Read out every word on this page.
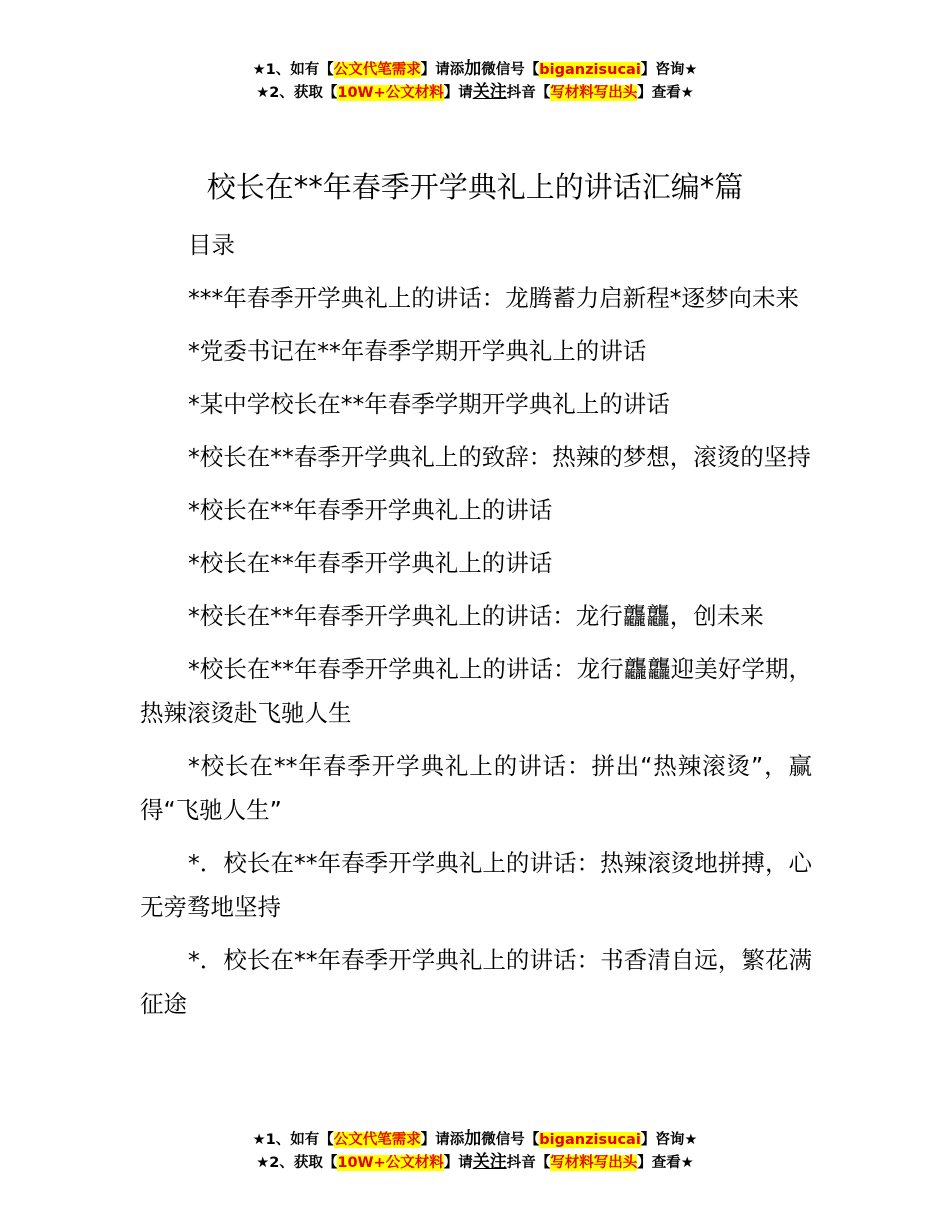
★1、如有【公文代笔需求】请添加微信号【biganzisucai】咨询★
★2、获取【10W+公文材料】请关注抖音【写材料写出头】查看★
校长在**年春季开学典礼上的讲话汇编*篇

目录

***年春季开学典礼上的讲话：龙腾蓄力启新程*逐梦向未来

*党委书记在**年春季学期开学典礼上的讲话

*某中学校长在**年春季学期开学典礼上的讲话

*校长在**春季开学典礼上的致辞：热辣的梦想，滚烫的坚持

*校长在**年春季开学典礼上的讲话

*校长在**年春季开学典礼上的讲话

*校长在**年春季开学典礼上的讲话：龙行龘龘，创未来

*校长在**年春季开学典礼上的讲话：龙行龘龘迎美好学期，热辣滚烫赴飞驰人生

*校长在**年春季开学典礼上的讲话：拼出“热辣滚烫”，赢得“飞驰人生”

*．校长在**年春季开学典礼上的讲话：热辣滚烫地拼搏，心无旁骛地坚持

*．校长在**年春季开学典礼上的讲话：书香清自远，繁花满征途

★1、如有【公文代笔需求】请添加微信号【biganzisucai】咨询★
★2、获取【10W+公文材料】请关注抖音【写材料写出头】查看★
